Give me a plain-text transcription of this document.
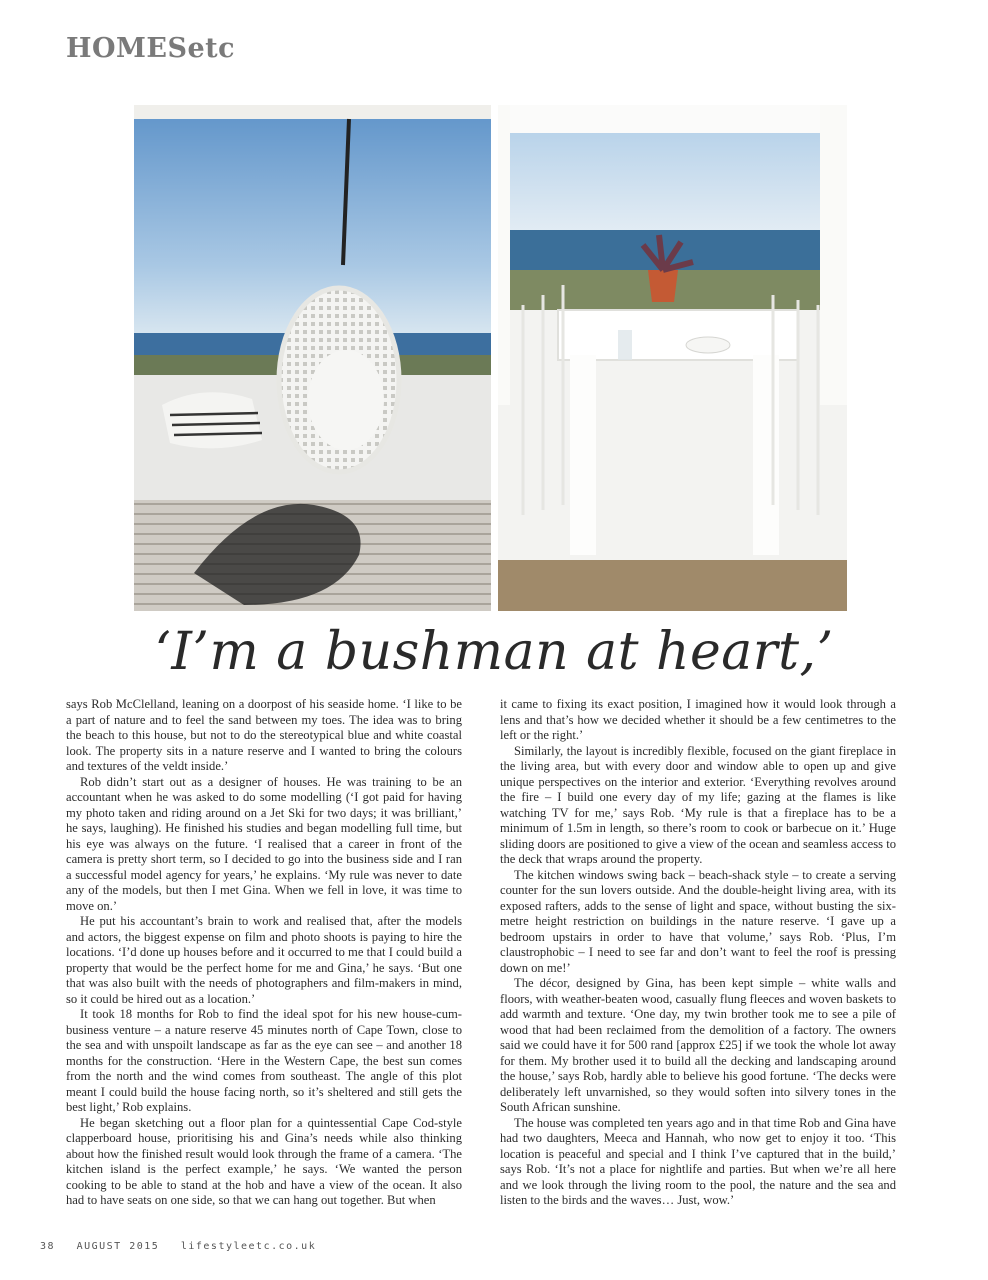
HOMESetc
‘I’m a bushman at heart,’

says Rob McClelland, leaning on a doorpost of his seaside home. ‘I like to be a part of nature and to feel the sand between my toes. The idea was to bring the beach to this house, but not to do the stereotypical blue and white coastal look. The property sits in a nature reserve and I wanted to bring the colours and textures of the veldt inside.’

Rob didn’t start out as a designer of houses. He was training to be an accountant when he was asked to do some modelling (‘I got paid for having my photo taken and riding around on a Jet Ski for two days; it was brilliant,’ he says, laughing). He finished his studies and began modelling full time, but his eye was always on the future. ‘I realised that a career in front of the camera is pretty short term, so I decided to go into the business side and I ran a successful model agency for years,’ he explains. ‘My rule was never to date any of the models, but then I met Gina. When we fell in love, it was time to move on.’

He put his accountant’s brain to work and realised that, after the models and actors, the biggest expense on film and photo shoots is paying to hire the locations. ‘I’d done up houses before and it occurred to me that I could build a property that would be the perfect home for me and Gina,’ he says. ‘But one that was also built with the needs of photographers and film-makers in mind, so it could be hired out as a location.’

It took 18 months for Rob to find the ideal spot for his new house-cum-business venture – a nature reserve 45 minutes north of Cape Town, close to the sea and with unspoilt landscape as far as the eye can see – and another 18 months for the construction. ‘Here in the Western Cape, the best sun comes from the north and the wind comes from southeast. The angle of this plot meant I could build the house facing north, so it’s sheltered and still gets the best light,’ Rob explains.

He began sketching out a floor plan for a quintessential Cape Cod-style clapperboard house, prioritising his and Gina’s needs while also thinking about how the finished result would look through the frame of a camera. ‘The kitchen island is the perfect example,’ he says. ‘We wanted the person cooking to be able to stand at the hob and have a view of the ocean. It also had to have seats on one side, so that we can hang out together. But when

it came to fixing its exact position, I imagined how it would look through a lens and that’s how we decided whether it should be a few centimetres to the left or the right.’

Similarly, the layout is incredibly flexible, focused on the giant fireplace in the living area, but with every door and window able to open up and give unique perspectives on the interior and exterior. ‘Everything revolves around the fire – I build one every day of my life; gazing at the flames is like watching TV for me,’ says Rob. ‘My rule is that a fireplace has to be a minimum of 1.5m in length, so there’s room to cook or barbecue on it.’ Huge sliding doors are positioned to give a view of the ocean and seamless access to the deck that wraps around the property.

The kitchen windows swing back – beach-shack style – to create a serving counter for the sun lovers outside. And the double-height living area, with its exposed rafters, adds to the sense of light and space, without busting the six-metre height restriction on buildings in the nature reserve. ‘I gave up a bedroom upstairs in order to have that volume,’ says Rob. ‘Plus, I’m claustrophobic – I need to see far and don’t want to feel the roof is pressing down on me!’

The décor, designed by Gina, has been kept simple – white walls and floors, with weather-beaten wood, casually flung fleeces and woven baskets to add warmth and texture. ‘One day, my twin brother took me to see a pile of wood that had been reclaimed from the demolition of a factory. The owners said we could have it for 500 rand [approx £25] if we took the whole lot away for them. My brother used it to build all the decking and landscaping around the house,’ says Rob, hardly able to believe his good fortune. ‘The decks were deliberately left unvarnished, so they would soften into silvery tones in the South African sunshine.

The house was completed ten years ago and in that time Rob and Gina have had two daughters, Meeca and Hannah, who now get to enjoy it too. ‘This location is peaceful and special and I think I’ve captured that in the build,’ says Rob. ‘It’s not a place for nightlife and parties. But when we’re all here and we look through the living room to the pool, the nature and the sea and listen to the birds and the waves… Just, wow.’

38 AUGUST 2015 lifestyleetc.co.uk
